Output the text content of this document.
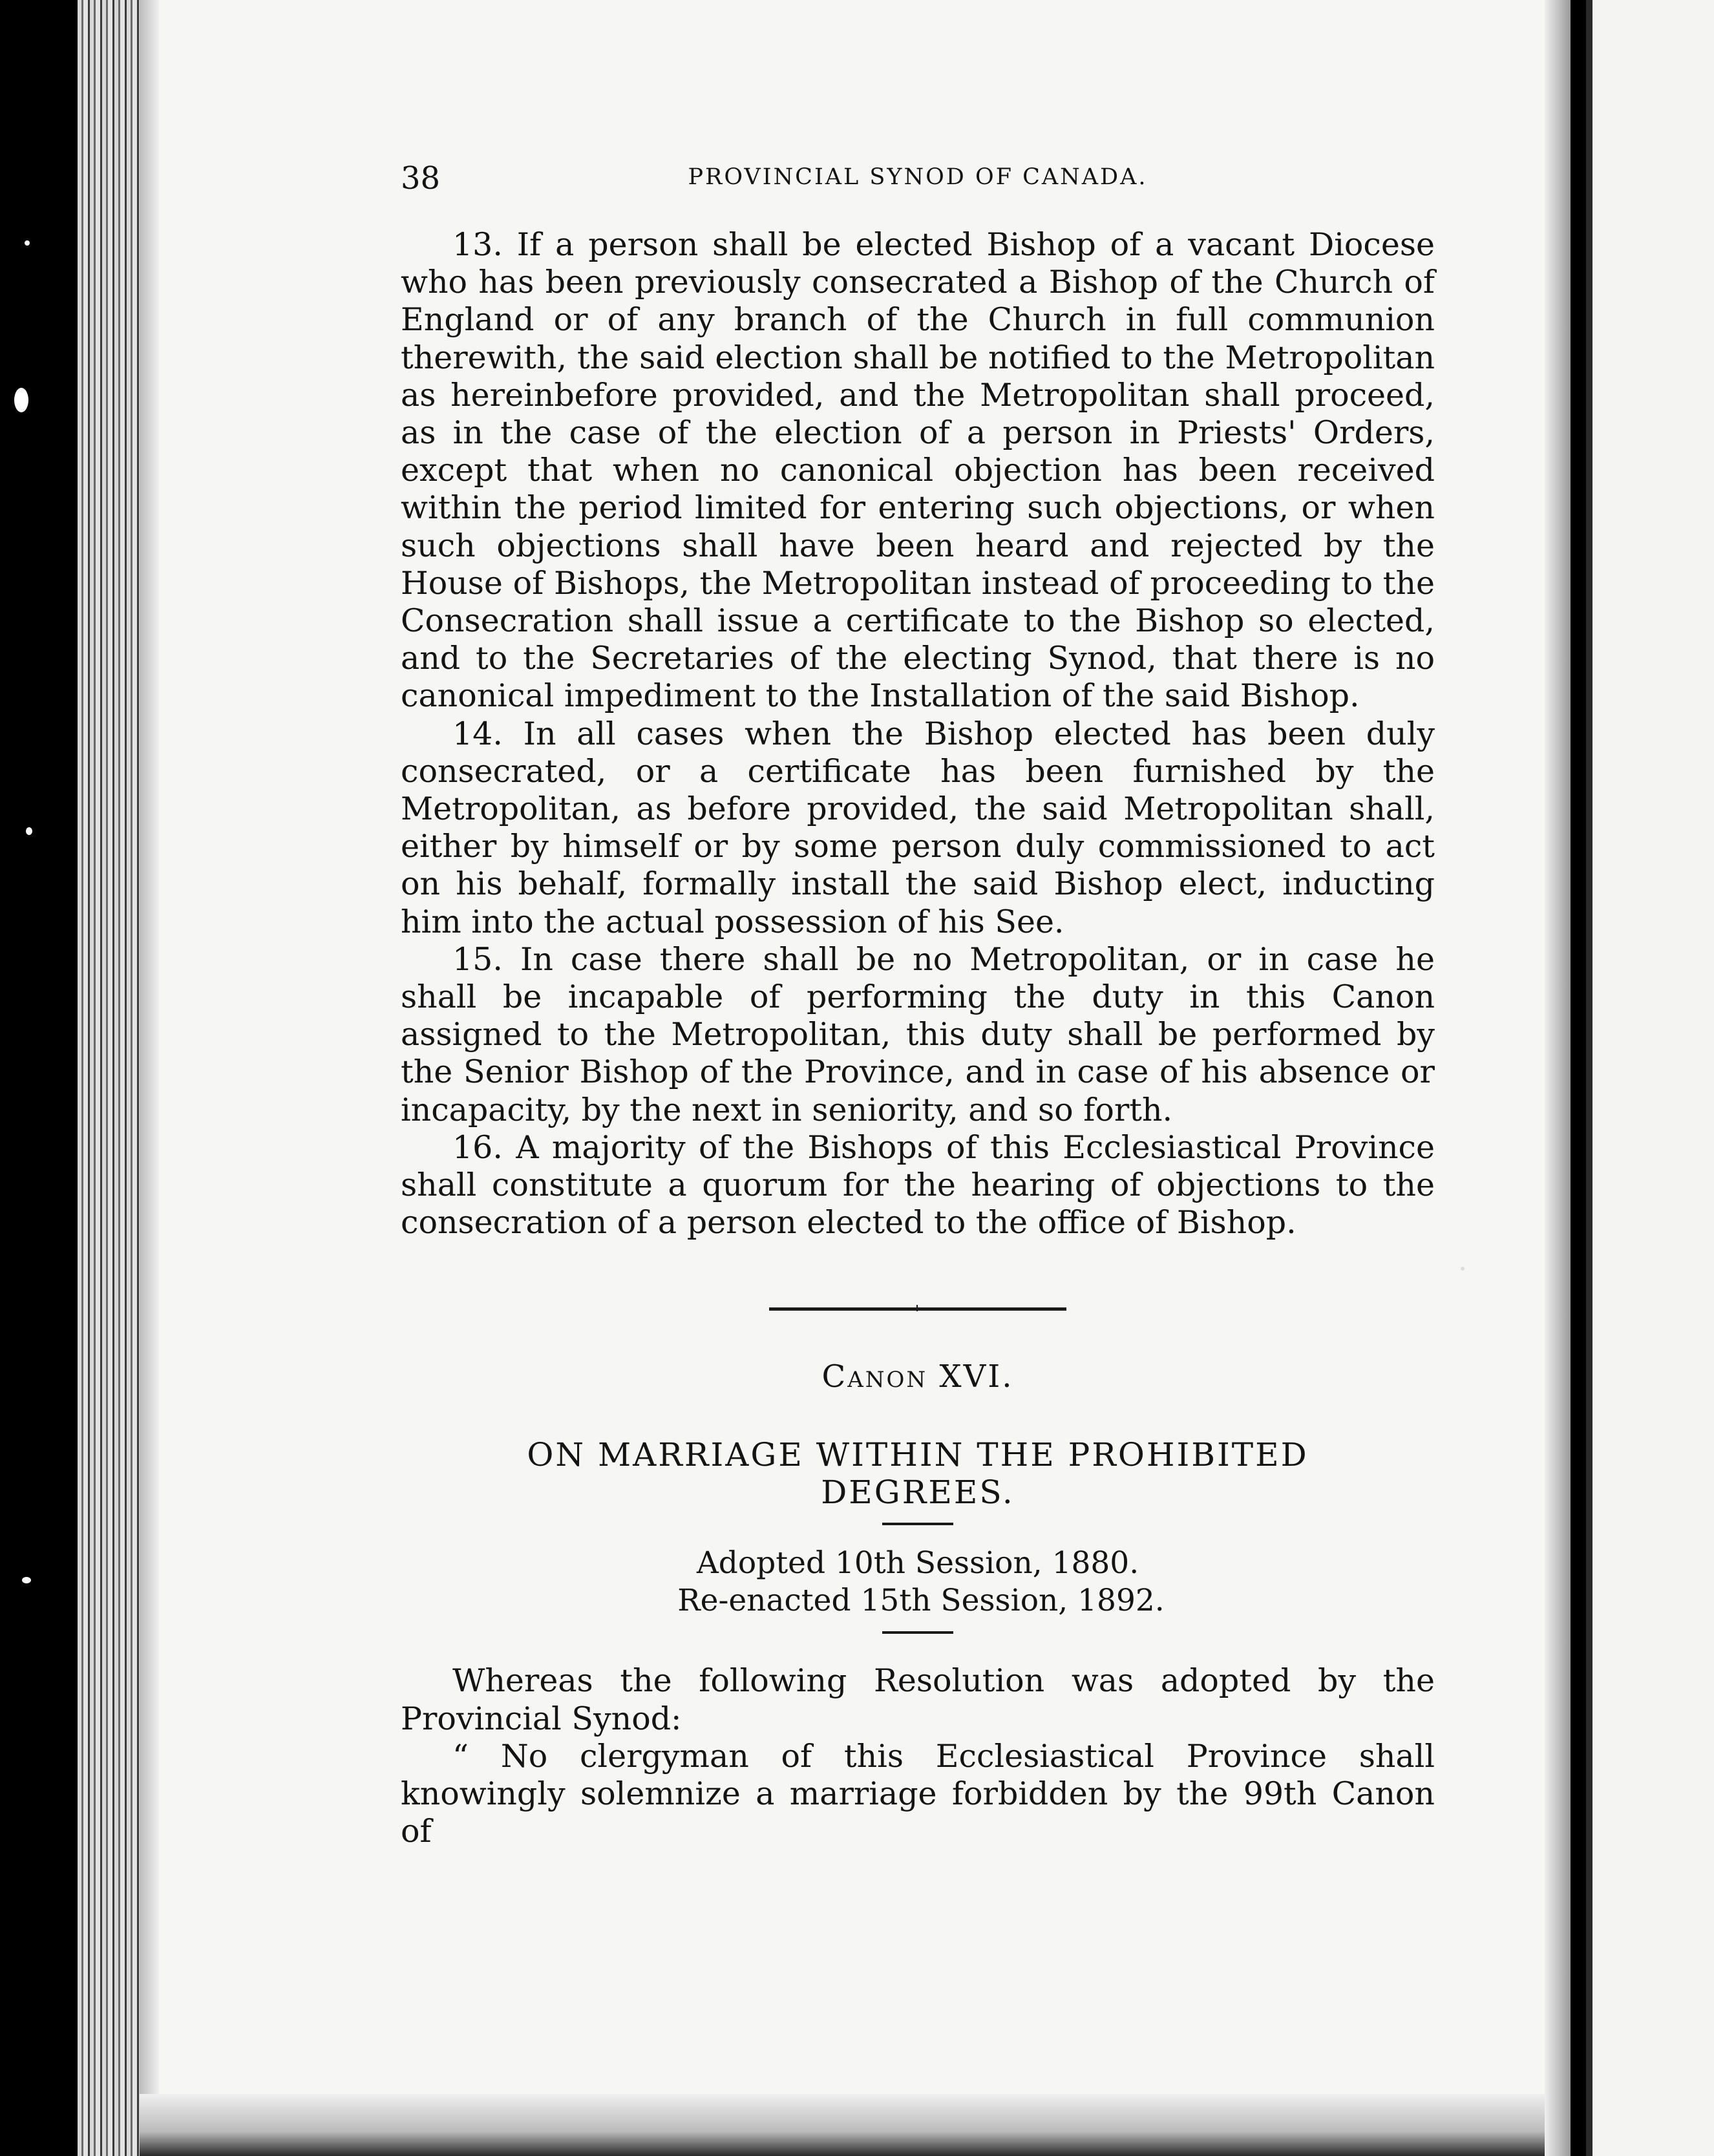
38	PROVINCIAL SYNOD OF CANADA.

13. If a person shall be elected Bishop of a vacant Diocese who has been previously consecrated a Bishop of the Church of England or of any branch of the Church in full communion therewith, the said election shall be notified to the Metropolitan as hereinbefore provided, and the Metropolitan shall proceed, as in the case of the election of a person in Priests' Orders, except that when no canonical objection has been received within the period limited for entering such objections, or when such objections shall have been heard and rejected by the House of Bishops, the Metropolitan instead of proceeding to the Consecration shall issue a certificate to the Bishop so elected, and to the Secretaries of the electing Synod, that there is no canonical impediment to the Installation of the said Bishop.

14. In all cases when the Bishop elected has been duly consecrated, or a certificate has been furnished by the Metropolitan, as before provided, the said Metropolitan shall, either by himself or by some person duly commissioned to act on his behalf, formally install the said Bishop elect, inducting him into the actual possession of his See.

15. In case there shall be no Metropolitan, or in case he shall be incapable of performing the duty in this Canon assigned to the Metropolitan, this duty shall be performed by the Senior Bishop of the Province, and in case of his absence or incapacity, by the next in seniority, and so forth.

16. A majority of the Bishops of this Ecclesiastical Province shall constitute a quorum for the hearing of objections to the consecration of a person elected to the office of Bishop.

Canon XVI.
ON MARRIAGE WITHIN THE PROHIBITED
DEGREES.
Adopted 10th Session, 1880.
Re-enacted 15th Session, 1892.

Whereas the following Resolution was adopted by the Provincial Synod:

“ No clergyman of this Ecclesiastical Province shall knowingly solemnize a marriage forbidden by the 99th Canon of
